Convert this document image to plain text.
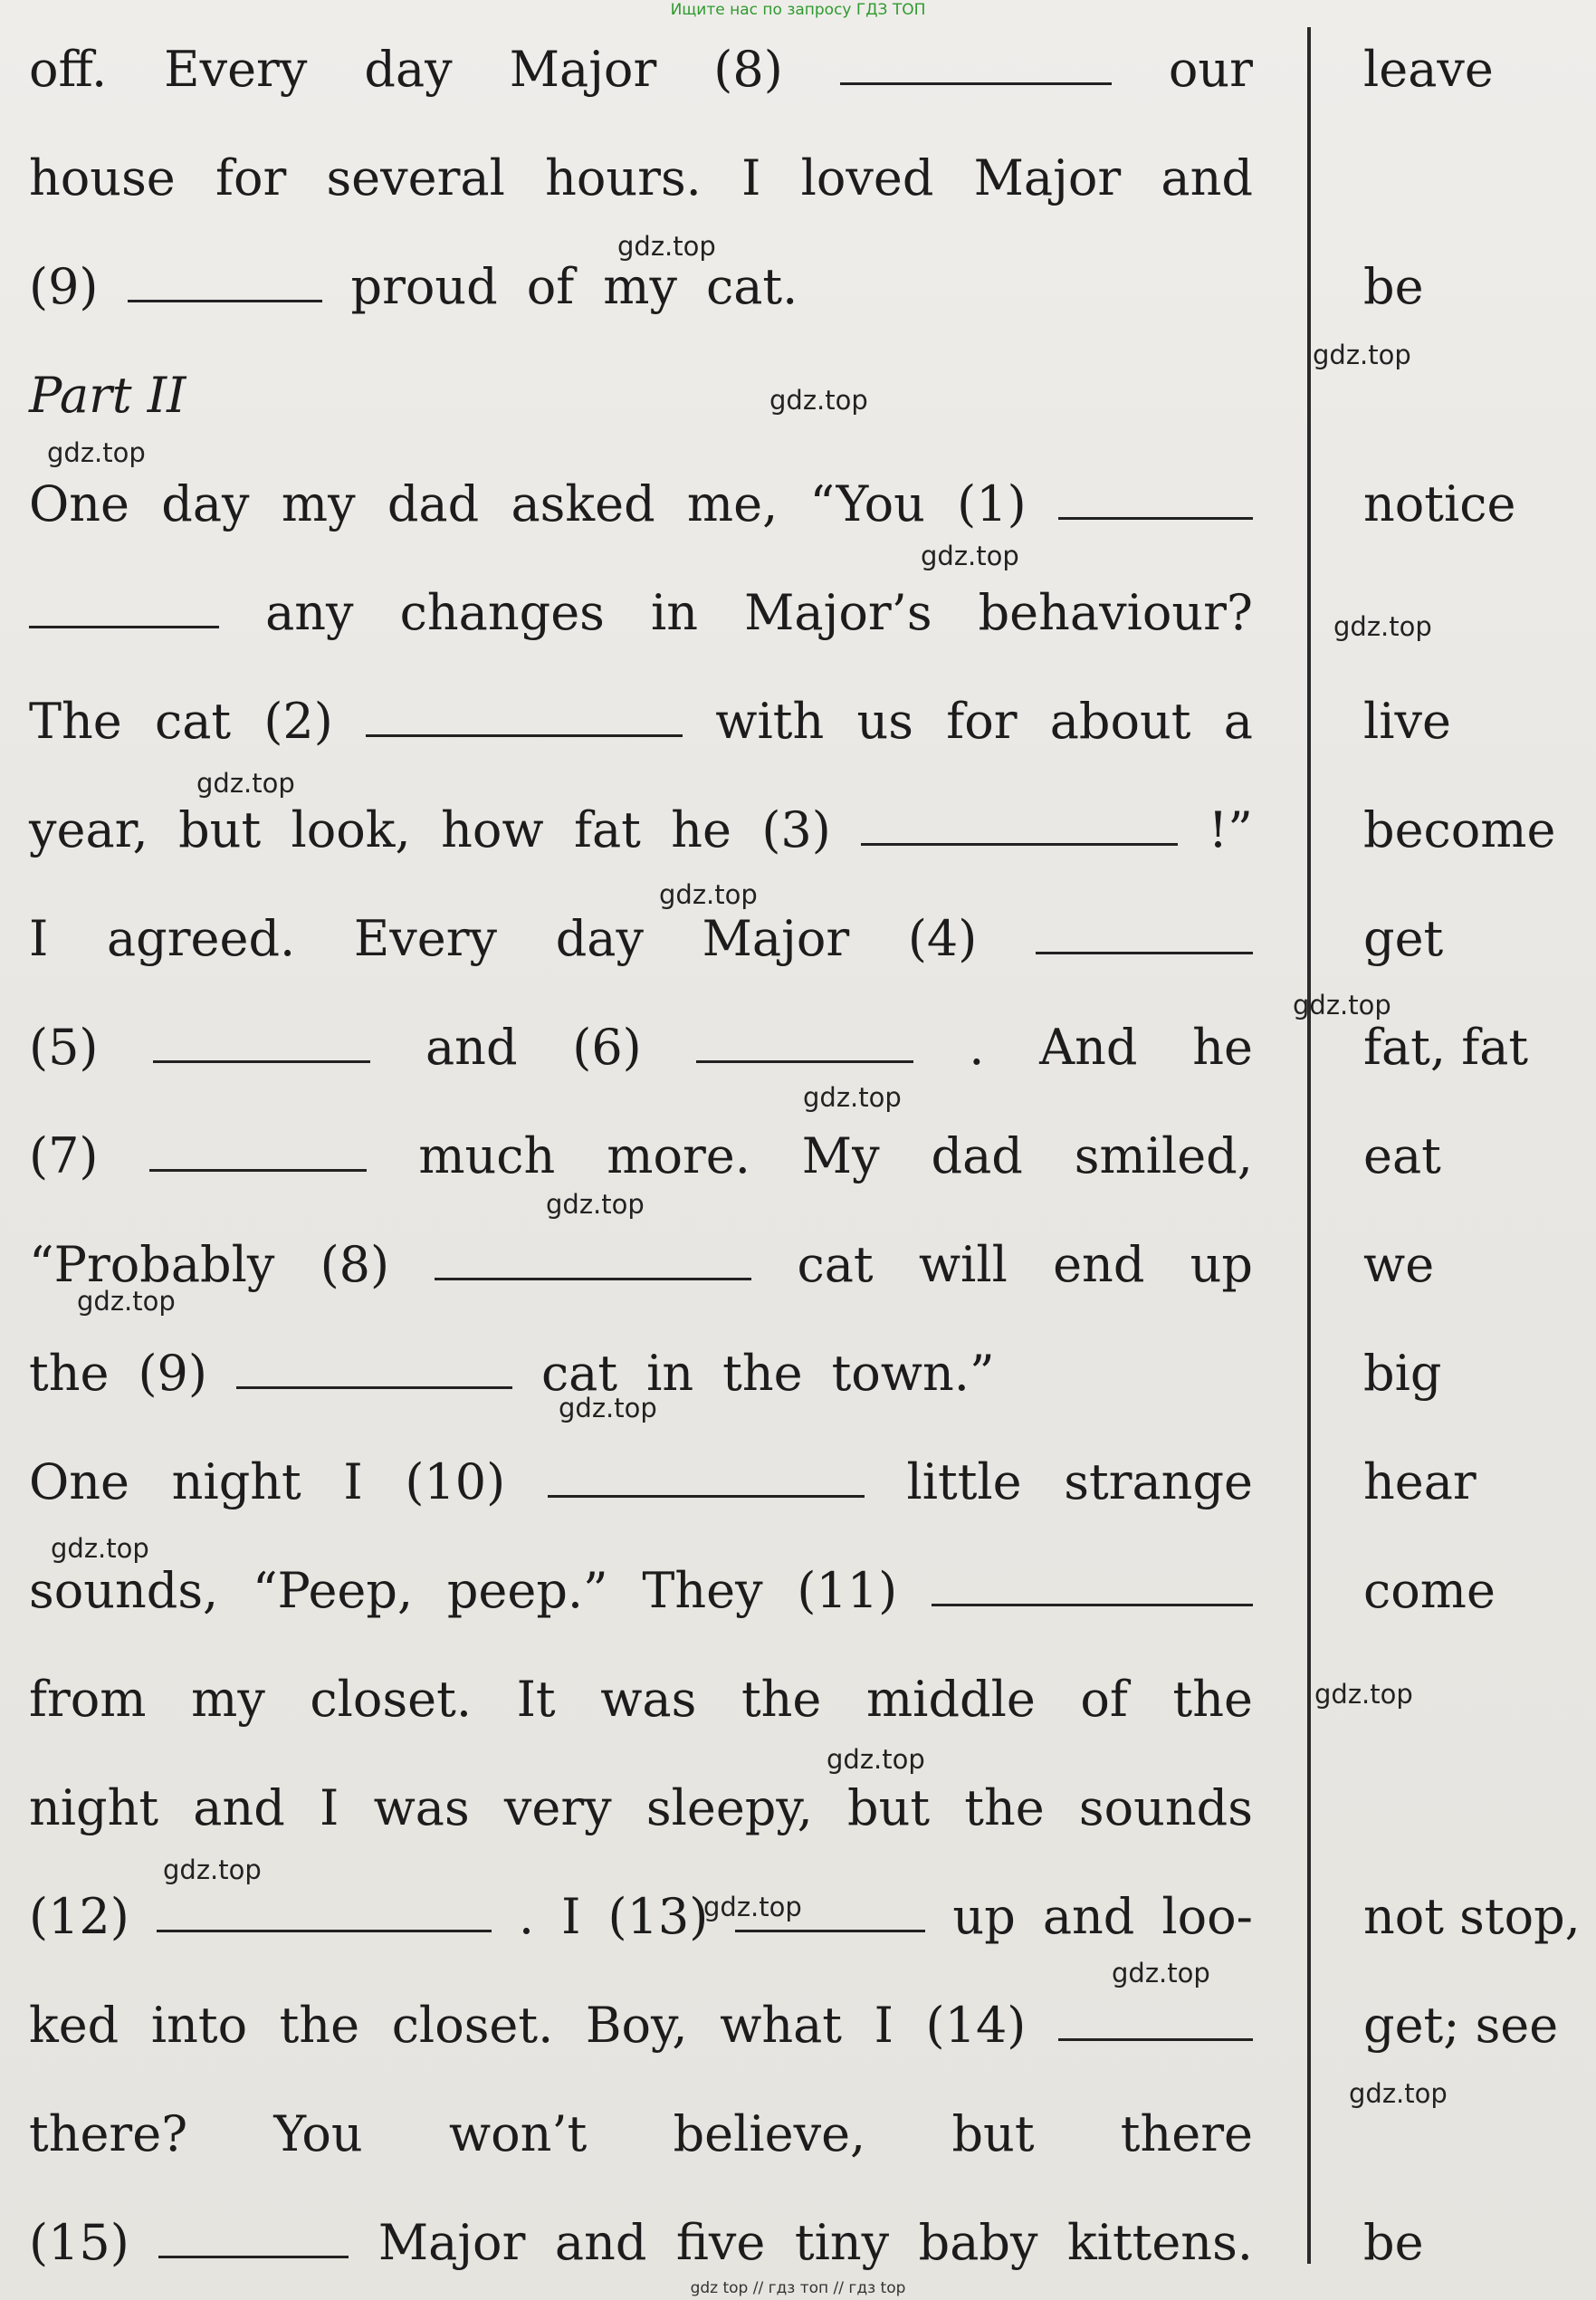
Ищите нас по запросу ГДЗ ТОП
off. Every day Major (8)	our
house for several hours. I loved Major and
(9)	proud of my cat.
Part II
One day my dad asked me, “You (1)
any changes in Major’s behaviour?
The cat (2)	with us for about a
year, but look, how fat he (3)	!”
I agreed. Every day Major (4)
(5)	and (6)	. And he
(7)	much more. My dad smiled,
“Probably (8)	cat will end up
the (9)	cat in the town.”
One night I (10)	little strange
sounds, “Peep, peep.” They (11)
from my closet. It was the middle of the
night and I was very sleepy, but the sounds
(12)	. I (13)	up and loo-
ked into the closet. Boy, what I (14)
there? You won’t believe, but there
(15)	Major and five tiny baby kittens.
leave
be
notice
live
become
get
fat, fat
eat
we
big
hear
come
not stop,
get; see
be
gdz.top
gdz.top
gdz.top
gdz.top
gdz.top
gdz.top
gdz.top
gdz.top
gdz.top
gdz.top
gdz.top
gdz.top
gdz.top
gdz.top
gdz.top
gdz.top
gdz.top
gdz.top
gdz.top
gdz.top
gdz top // гдз топ // гдз top
